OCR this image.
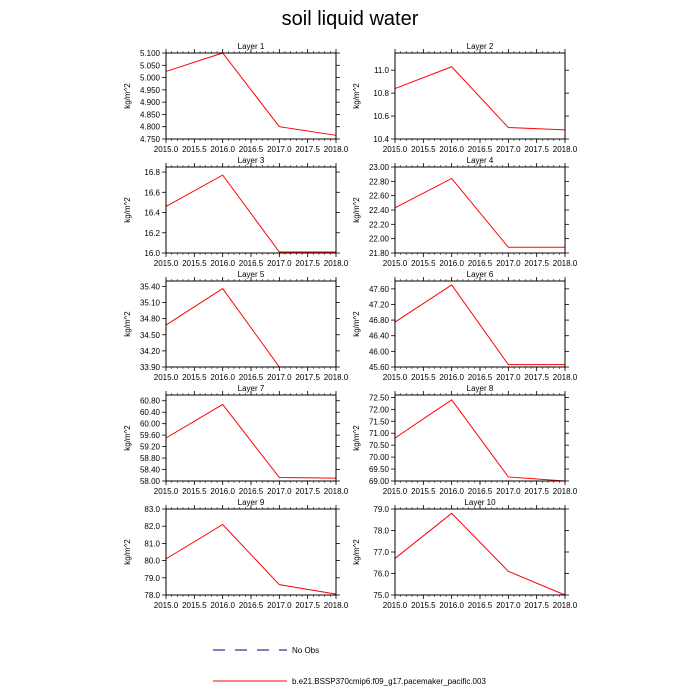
soil liquid water
Layer 1
kg/m^2
5.100
5.050
5.000
4.950
4.900
4.850
4.800
4.750
2015.0 2015.5 2016.0 2016.5 2017.0 2017.5 2018.0
Layer 2
kg/m^2
11.0
10.8
10.6
10.4
2015.0 2015.5 2016.0 2016.5 2017.0 2017.5 2018.0
Layer 3
kg/m^2
16.8
16.6
16.4
16.2
16.0
2015.0 2015.5 2016.0 2016.5 2017.0 2017.5 2018.0
Layer 4
kg/m^2
23.00
22.80
22.60
22.40
22.20
22.00
21.80
2015.0 2015.5 2016.0 2016.5 2017.0 2017.5 2018.0
Layer 5
kg/m^2
35.40
35.10
34.80
34.50
34.20
33.90
2015.0 2015.5 2016.0 2016.5 2017.0 2017.5 2018.0
Layer 6
kg/m^2
47.60
47.20
46.80
46.40
46.00
45.60
2015.0 2015.5 2016.0 2016.5 2017.0 2017.5 2018.0
Layer 7
kg/m^2
60.80
60.40
60.00
59.60
59.20
58.80
58.40
58.00
2015.0 2015.5 2016.0 2016.5 2017.0 2017.5 2018.0
Layer 8
kg/m^2
72.50
72.00
71.50
71.00
70.50
70.00
69.50
69.00
2015.0 2015.5 2016.0 2016.5 2017.0 2017.5 2018.0
Layer 9
kg/m^2
83.0
82.0
81.0
80.0
79.0
78.0
2015.0 2015.5 2016.0 2016.5 2017.0 2017.5 2018.0
Layer 10
kg/m^2
79.0
78.0
77.0
76.0
75.0
2015.0 2015.5 2016.0 2016.5 2017.0 2017.5 2018.0
No Obs
b.e21.BSSP370cmip6.f09_g17.pacemaker_pacific.003
